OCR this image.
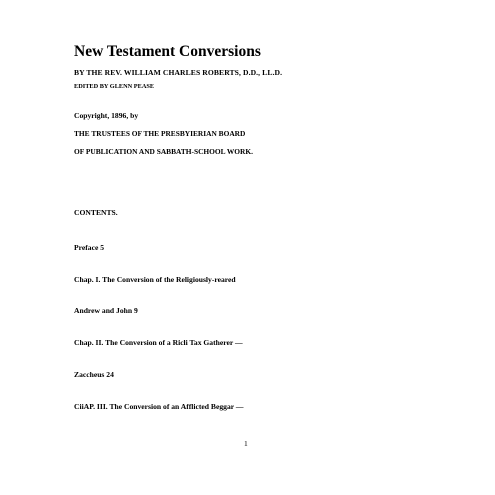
New Testament Conversions
BY THE REV. WILLIAM CHARLES ROBERTS, D.D., LL.D.
EDITED BY GLENN PEASE
Copyright, 1896, by
THE TRUSTEES OF THE PRESBYIERIAN BOARD
OF PUBLICATION AND SABBATH-SCHOOL WORK.
CONTENTS.
Preface 5
Chap. I. The Conversion of the Religiously-reared
Andrew and John 9
Chap. II. The Conversion of a Ricli Tax Gatherer —
Zaccheus 24
CiiAP. III. The Conversion of an Afflicted Beggar —
1
